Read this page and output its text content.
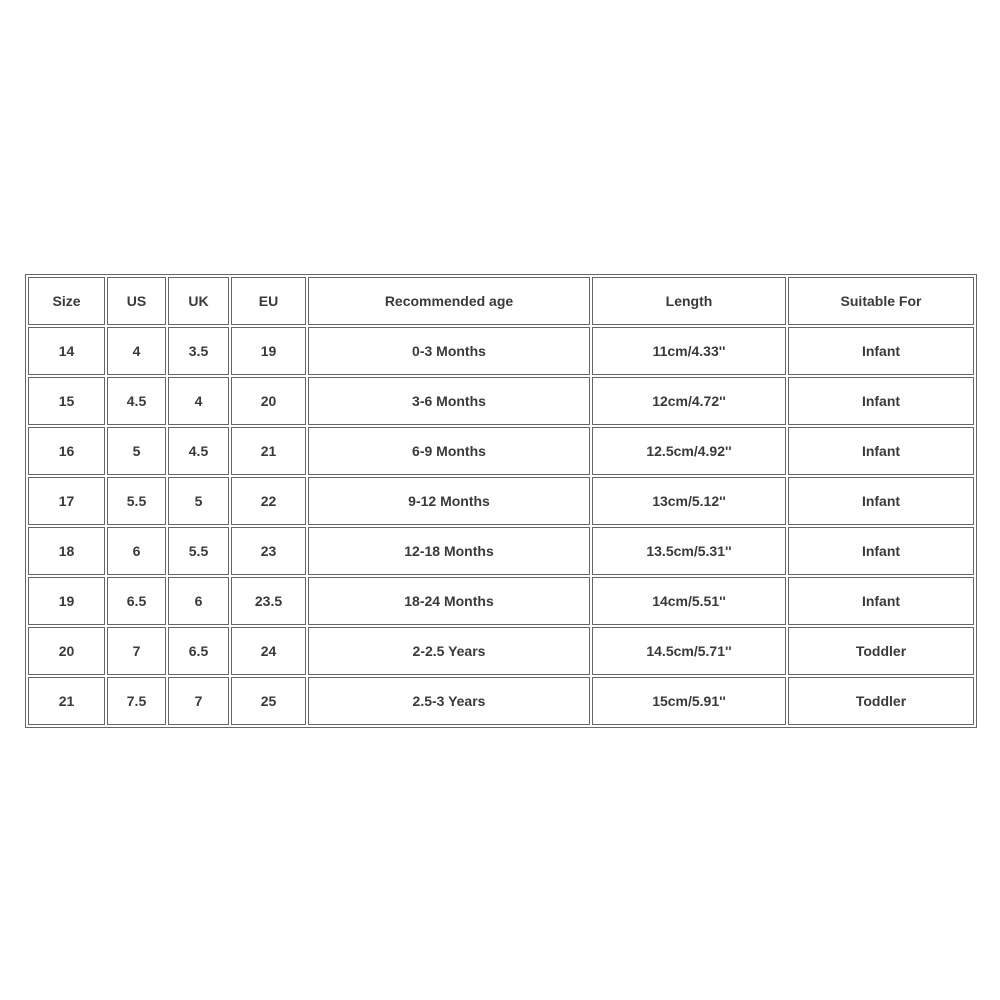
Size	US	UK	EU	Recommended age	Length	Suitable For
14	4	3.5	19	0-3 Months	11cm/4.33''	Infant
15	4.5	4	20	3-6 Months	12cm/4.72''	Infant
16	5	4.5	21	6-9 Months	12.5cm/4.92''	Infant
17	5.5	5	22	9-12 Months	13cm/5.12''	Infant
18	6	5.5	23	12-18 Months	13.5cm/5.31''	Infant
19	6.5	6	23.5	18-24 Months	14cm/5.51''	Infant
20	7	6.5	24	2-2.5 Years	14.5cm/5.71''	Toddler
21	7.5	7	25	2.5-3 Years	15cm/5.91''	Toddler
